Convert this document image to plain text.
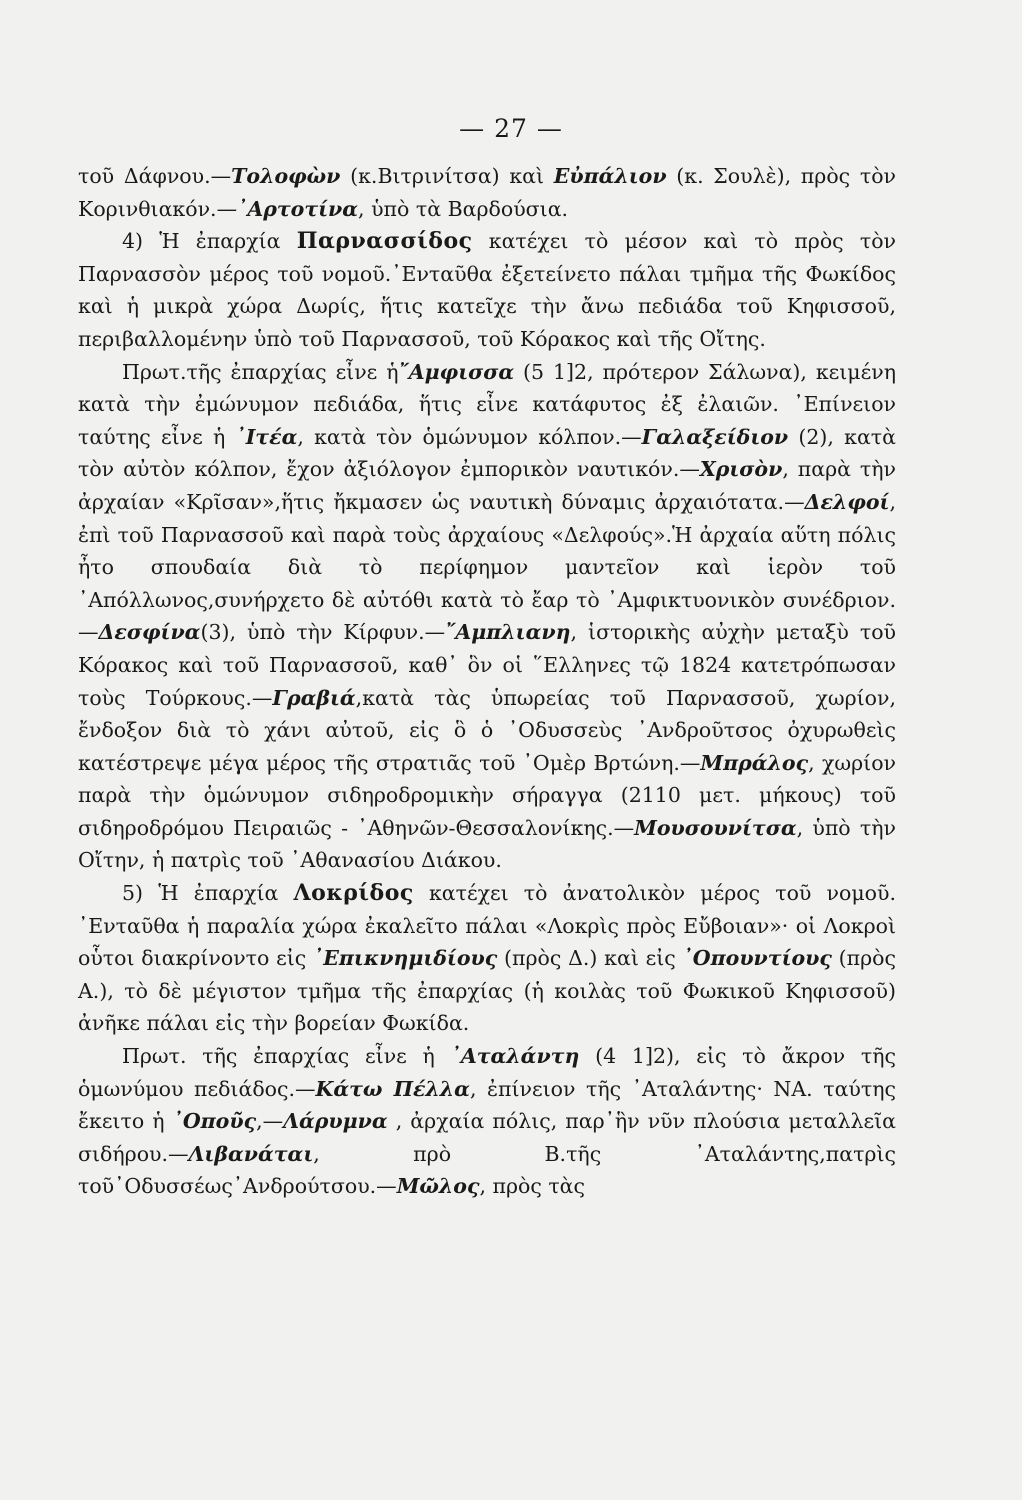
— 27 —

τοῦ Δάφνου.—Τολοφὼν (κ.Βιτρινίτσα) καὶ Εὐπάλιον (κ. Σουλὲ), πρὸς τὸν Κορινθιακόν.—᾿Αρτοτίνα, ὑπὸ τὰ Βαρδούσια.

4) Ἡ ἐπαρχία Παρνασσίδος κατέχει τὸ μέσον καὶ τὸ πρὸς τὸν Παρνασσὸν μέρος τοῦ νομοῦ.᾿Ενταῦθα ἐξετείνετο πάλαι τμῆμα τῆς Φωκίδος καὶ ἡ μικρὰ χώρα Δωρίς, ἥτις κατεῖχε τὴν ἄνω πεδιάδα τοῦ Κηφισσοῦ, περιβαλλομένην ὑπὸ τοῦ Παρνασσοῦ, τοῦ Κόρακος καὶ τῆς Οἴτης.

Πρωτ.τῆς ἐπαρχίας εἶνε ἡ῎Αμφισσα (5 1]2, πρότερον Σάλωνα), κειμένη κατὰ τὴν ἐμώνυμον πεδιάδα, ἥτις εἶνε κατάφυτος ἐξ ἐλαιῶν. ᾿Επίνειον ταύτης εἶνε ἡ ᾿Ιτέα, κατὰ τὸν ὁμώνυμον κόλπον.—Γαλαξείδιον (2), κατὰ τὸν αὐτὸν κόλπον, ἔχον ἀξιόλογον ἐμπορικὸν ναυτικόν.—Χρισὸν, παρὰ τὴν ἀρχαίαν «Κρῖσαν»,ἥτις ἤκμασεν ὡς ναυτικὴ δύναμις ἀρχαιότατα.—Δελφοί, ἐπὶ τοῦ Παρνασσοῦ καὶ παρὰ τοὺς ἀρχαίους «Δελφούς».Ἡ ἀρχαία αὕτη πόλις ἦτο σπουδαία διὰ τὸ περίφημον μαντεῖον καὶ ἱερὸν τοῦ ᾿Απόλλωνος,συνήρχετο δὲ αὐτόθι κατὰ τὸ ἔαρ τὸ ᾿Αμφικτυονικὸν συνέδριον. —Δεσφίνα(3), ὑπὸ τὴν Κίρφυν.—῎Αμπλιανη, ἱστορικὴς αὐχὴν μεταξὺ τοῦ Κόρακος καὶ τοῦ Παρνασσοῦ, καθ᾿ ὃν οἱ ῞Ελληνες τῷ 1824 κατετρόπωσαν τοὺς Τούρκους.—Γραβιά,κατὰ τὰς ὑπωρείας τοῦ Παρνασσοῦ, χωρίον, ἔνδοξον διὰ τὸ χάνι αὐτοῦ, εἰς ὃ ὁ ᾿Οδυσσεὺς ᾿Ανδροῦτσος ὀχυρωθεὶς κατέστρεψε μέγα μέρος τῆς στρατιᾶς τοῦ ᾿Ομὲρ Βρτώνη.—Μπράλος, χωρίον παρὰ τὴν ὁμώνυμον σιδηροδρομικὴν σήραγγα (2110 μετ. μήκους) τοῦ σιδηροδρόμου Πειραιῶς - ᾿Αθηνῶν-Θεσσαλονίκης.—Μουσουνίτσα, ὑπὸ τὴν Οἴτην, ἡ πατρὶς τοῦ ᾿Αθανασίου Διάκου.

5) Ἡ ἐπαρχία Λοκρίδος κατέχει τὸ ἀνατολικὸν μέρος τοῦ νομοῦ. ᾿Ενταῦθα ἡ παραλία χώρα ἐκαλεῖτο πάλαι «Λοκρὶς πρὸς Εὔβοιαν»· οἱ Λοκροὶ οὗτοι διακρίνοντο εἰς ᾿Επικνημιδίους (πρὸς Δ.) καὶ εἰς ᾿Οπουντίους (πρὸς Α.), τὸ δὲ μέγιστον τμῆμα τῆς ἐπαρχίας (ἡ κοιλὰς τοῦ Φωκικοῦ Κηφισσοῦ) ἀνῆκε πάλαι εἰς τὴν βορείαν Φωκίδα.

Πρωτ. τῆς ἐπαρχίας εἶνε ἡ ᾿Αταλάντη (4 1]2), εἰς τὸ ἄκρον τῆς ὁμωνύμου πεδιάδος.—Κάτω Πέλλα, ἐπίνειον τῆς ᾿Αταλάντης· ΝΑ. ταύτης ἔκειτο ἡ ᾿Οποῦς,—Λάρυμνα , ἀρχαία πόλις, παρ᾿ἣν νῦν πλούσια μεταλλεῖα σιδήρου.—Λιβανάται, πρὸ Β.τῆς ᾿Αταλάντης,πατρὶς τοῦ᾿Οδυσσέως᾿Ανδρούτσου.—Μῶλος, πρὸς τὰς
